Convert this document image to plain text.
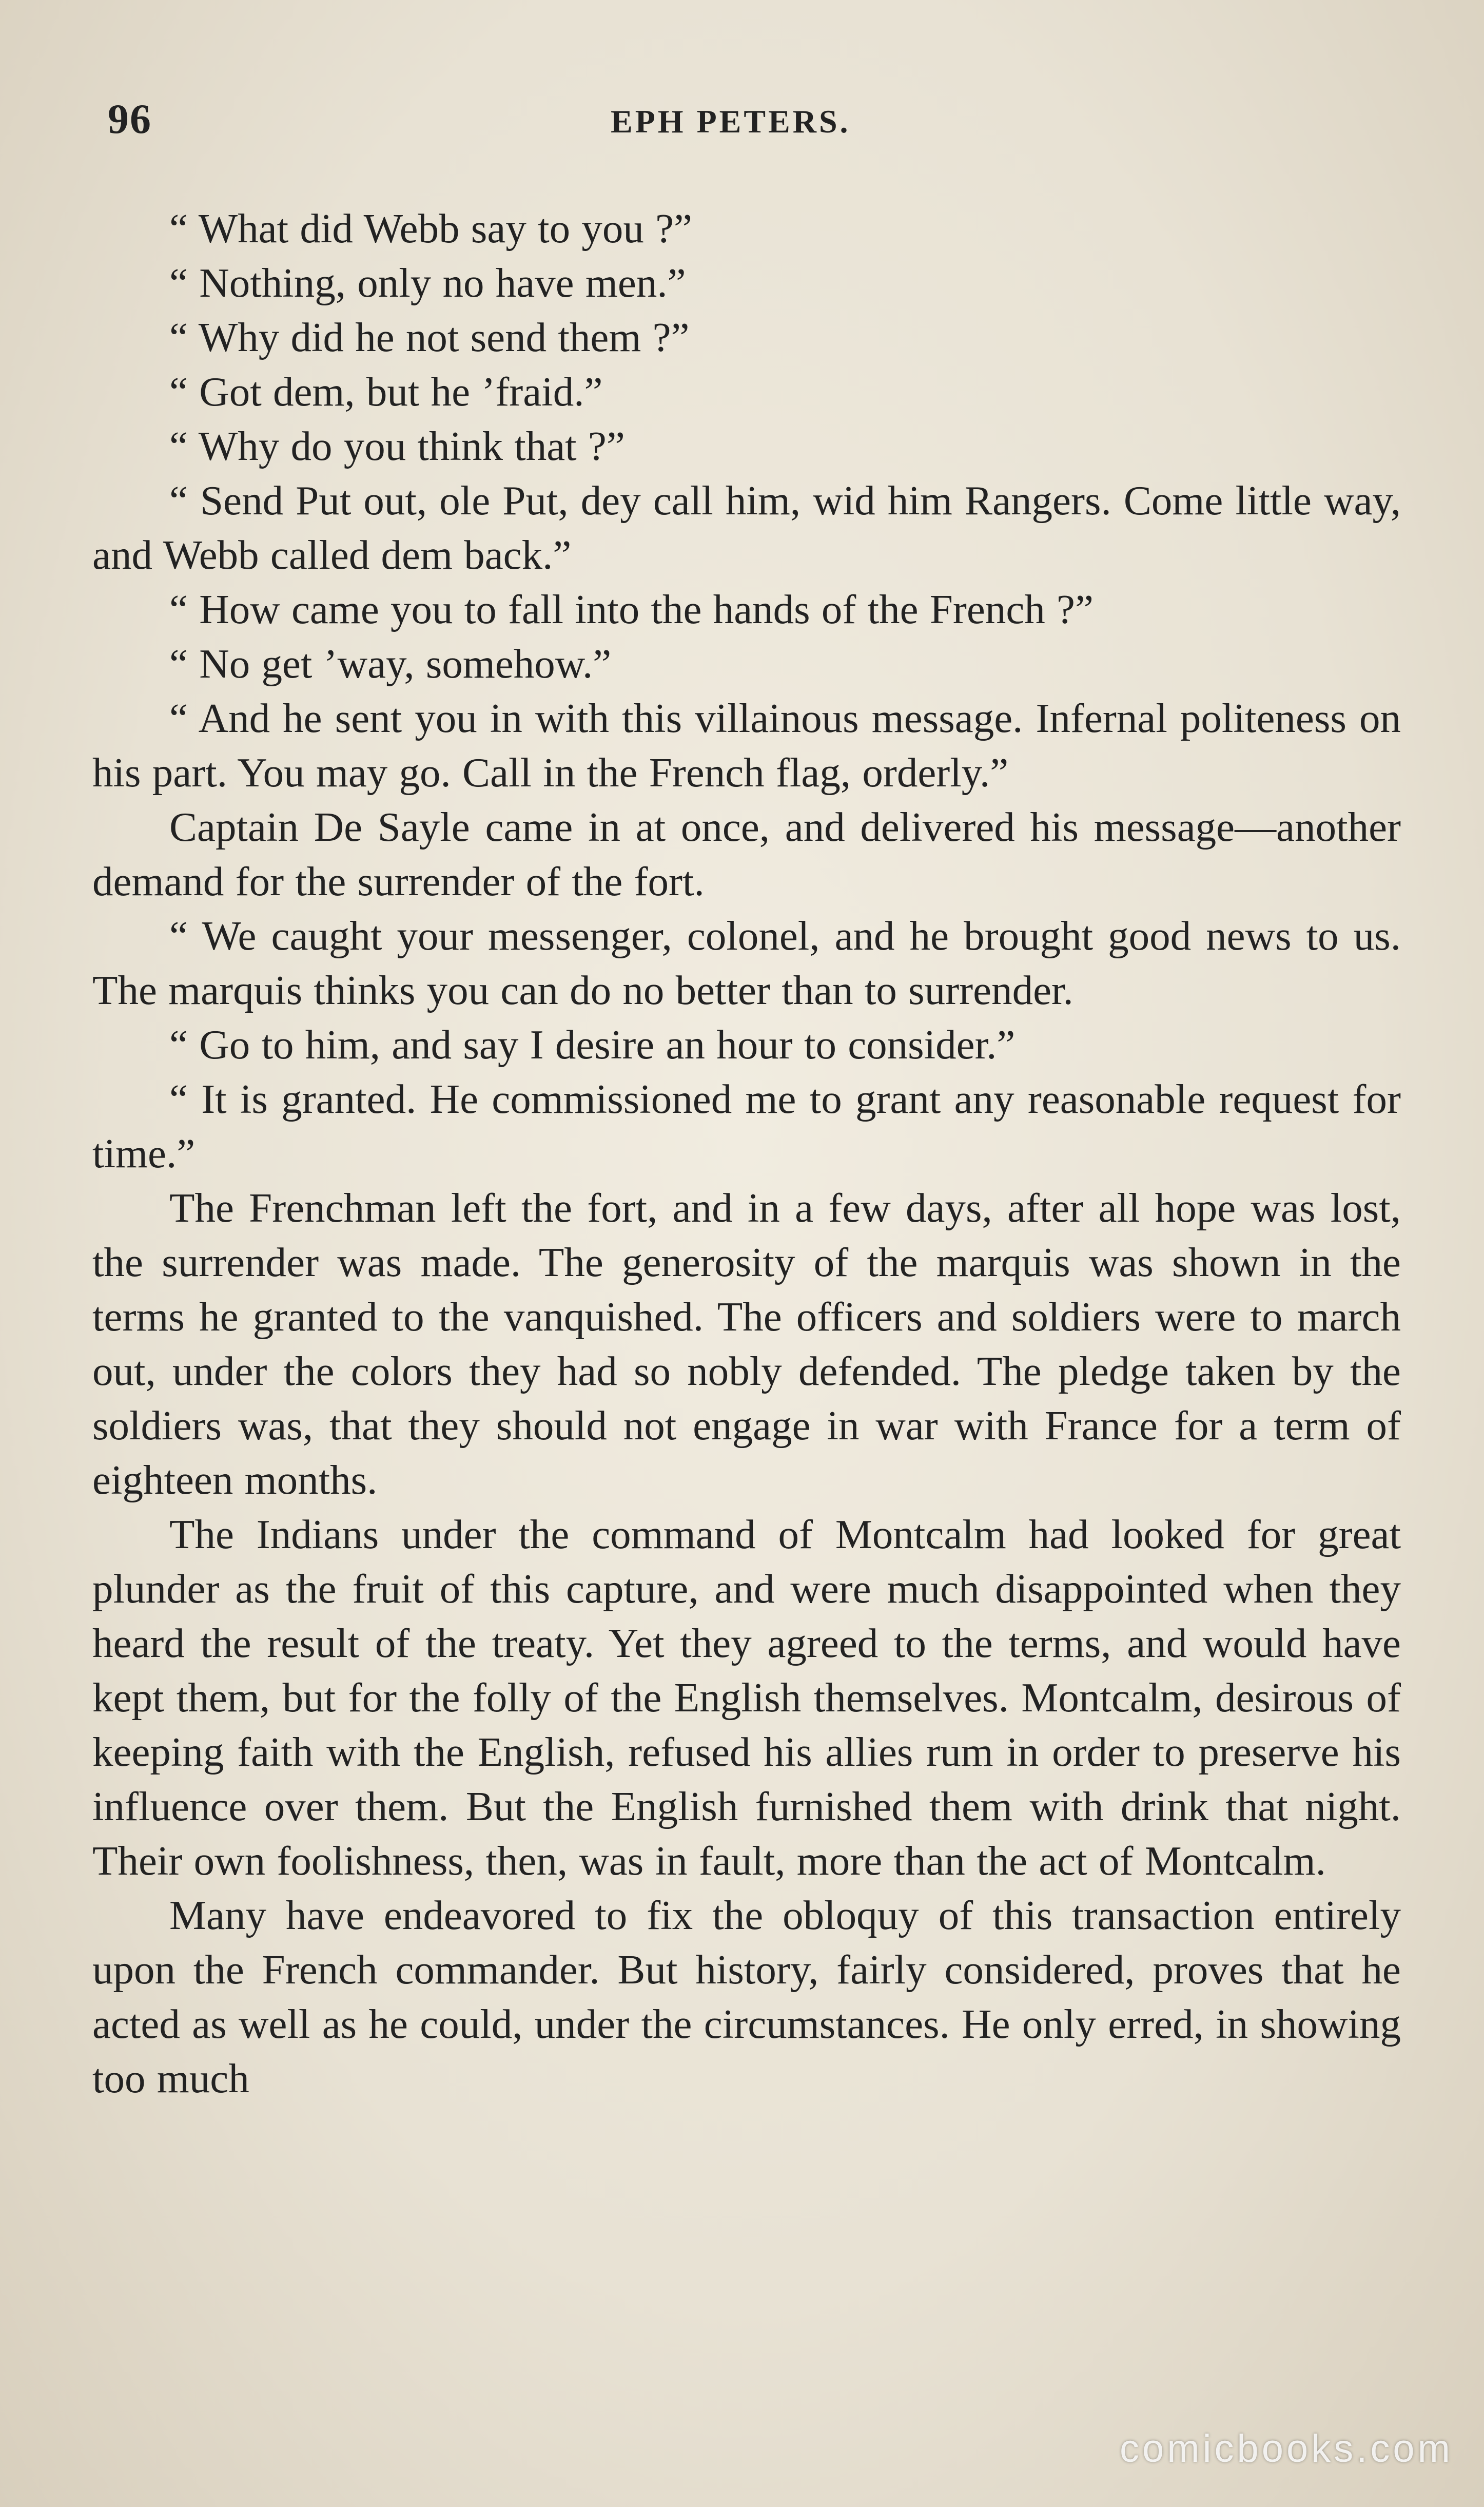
96	EPH PETERS.

“ What did Webb say to you ?”

“ Nothing, only no have men.”

“ Why did he not send them ?”

“ Got dem, but he ’fraid.”

“ Why do you think that ?”

“ Send Put out, ole Put, dey call him, wid him Rangers. Come little way, and Webb called dem back.”

“ How came you to fall into the hands of the French ?”

“ No get ’way, somehow.”

“ And he sent you in with this villainous message. Infernal politeness on his part. You may go. Call in the French flag, orderly.”

Captain De Sayle came in at once, and delivered his message—another demand for the surrender of the fort.

“ We caught your messenger, colonel, and he brought good news to us. The marquis thinks you can do no better than to surrender.

“ Go to him, and say I desire an hour to consider.”

“ It is granted. He commissioned me to grant any reasonable request for time.”

The Frenchman left the fort, and in a few days, after all hope was lost, the surrender was made. The generosity of the marquis was shown in the terms he granted to the vanquished. The officers and soldiers were to march out, under the colors they had so nobly defended. The pledge taken by the soldiers was, that they should not engage in war with France for a term of eighteen months.

The Indians under the command of Montcalm had looked for great plunder as the fruit of this capture, and were much disappointed when they heard the result of the treaty. Yet they agreed to the terms, and would have kept them, but for the folly of the English themselves. Montcalm, desirous of keeping faith with the English, refused his allies rum in order to preserve his influence over them. But the English furnished them with drink that night. Their own foolishness, then, was in fault, more than the act of Montcalm.

Many have endeavored to fix the obloquy of this transaction entirely upon the French commander. But history, fairly considered, proves that he acted as well as he could, under the circumstances. He only erred, in showing too much

comicbooks.com
